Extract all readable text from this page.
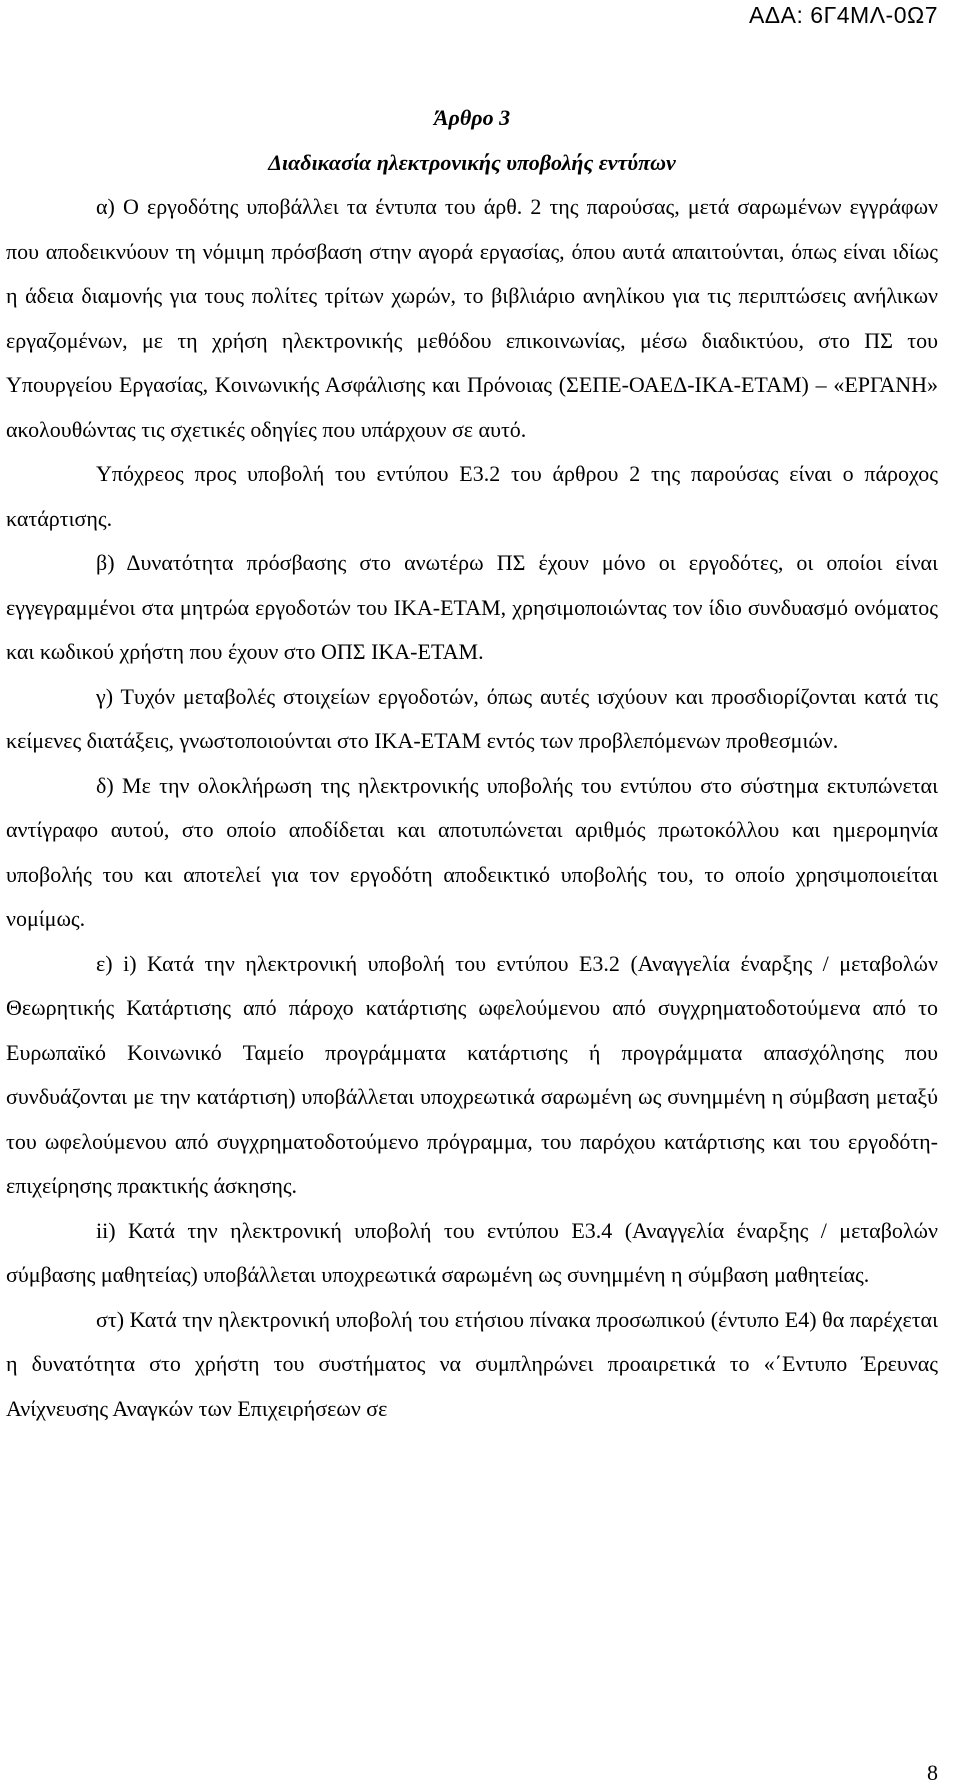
ΑΔΑ: 6Γ4ΜΛ-0Ω7

Άρθρο 3

Διαδικασία ηλεκτρονικής υποβολής εντύπων

α) Ο εργοδότης υποβάλλει τα έντυπα του άρθ. 2 της παρούσας, μετά σαρωμένων εγγράφων που αποδεικνύουν τη νόμιμη πρόσβαση στην αγορά εργασίας, όπου αυτά απαιτούνται, όπως είναι ιδίως η άδεια διαμονής για τους πολίτες τρίτων χωρών, το βιβλιάριο ανηλίκου για τις περιπτώσεις ανήλικων εργαζομένων, με τη χρήση ηλεκτρονικής μεθόδου επικοινωνίας, μέσω διαδικτύου, στο ΠΣ του Υπουργείου Εργασίας, Κοινωνικής Ασφάλισης και Πρόνοιας (ΣΕΠΕ-ΟΑΕΔ-ΙΚΑ-ΕΤΑΜ) – «ΕΡΓΑΝΗ» ακολουθώντας τις σχετικές οδηγίες που υπάρχουν σε αυτό.

Υπόχρεος προς υποβολή του εντύπου Ε3.2 του άρθρου 2 της παρούσας είναι ο πάροχος κατάρτισης.

β) Δυνατότητα πρόσβασης στο ανωτέρω ΠΣ έχουν μόνο οι εργοδότες, οι οποίοι είναι εγγεγραμμένοι στα μητρώα εργοδοτών του ΙΚΑ-ΕΤΑΜ, χρησιμοποιώντας τον ίδιο συνδυασμό ονόματος και κωδικού χρήστη που έχουν στο ΟΠΣ ΙΚΑ-ΕΤΑΜ.

γ) Τυχόν μεταβολές στοιχείων εργοδοτών, όπως αυτές ισχύουν και προσδιορίζονται κατά τις κείμενες διατάξεις, γνωστοποιούνται στο ΙΚΑ-ΕΤΑΜ εντός των προβλεπόμενων προθεσμιών.

δ) Με την ολοκλήρωση της ηλεκτρονικής υποβολής του εντύπου στο σύστημα εκτυπώνεται αντίγραφο αυτού, στο οποίο αποδίδεται και αποτυπώνεται αριθμός πρωτοκόλλου και ημερομηνία υποβολής του και αποτελεί για τον εργοδότη αποδεικτικό υποβολής του, το οποίο χρησιμοποιείται νομίμως.

ε) i) Κατά την ηλεκτρονική υποβολή του εντύπου Ε3.2 (Αναγγελία έναρξης / μεταβολών Θεωρητικής Κατάρτισης από πάροχο κατάρτισης ωφελούμενου από συγχρηματοδοτούμενα από το Ευρωπαϊκό Κοινωνικό Ταμείο προγράμματα κατάρτισης ή προγράμματα απασχόλησης που συνδυάζονται με την κατάρτιση) υποβάλλεται υποχρεωτικά σαρωμένη ως συνημμένη η σύμβαση μεταξύ του ωφελούμενου από συγχρηματοδοτούμενο πρόγραμμα, του παρόχου κατάρτισης και του εργοδότη-επιχείρησης πρακτικής άσκησης.

ii) Κατά την ηλεκτρονική υποβολή του εντύπου Ε3.4 (Αναγγελία έναρξης / μεταβολών σύμβασης μαθητείας) υποβάλλεται υποχρεωτικά σαρωμένη ως συνημμένη η σύμβαση μαθητείας.

στ) Κατά την ηλεκτρονική υποβολή του ετήσιου πίνακα προσωπικού (έντυπο Ε4) θα παρέχεται η δυνατότητα στο χρήστη του συστήματος να συμπληρώνει προαιρετικά το «΄Εντυπο Έρευνας Ανίχνευσης Αναγκών των Επιχειρήσεων σε

8
